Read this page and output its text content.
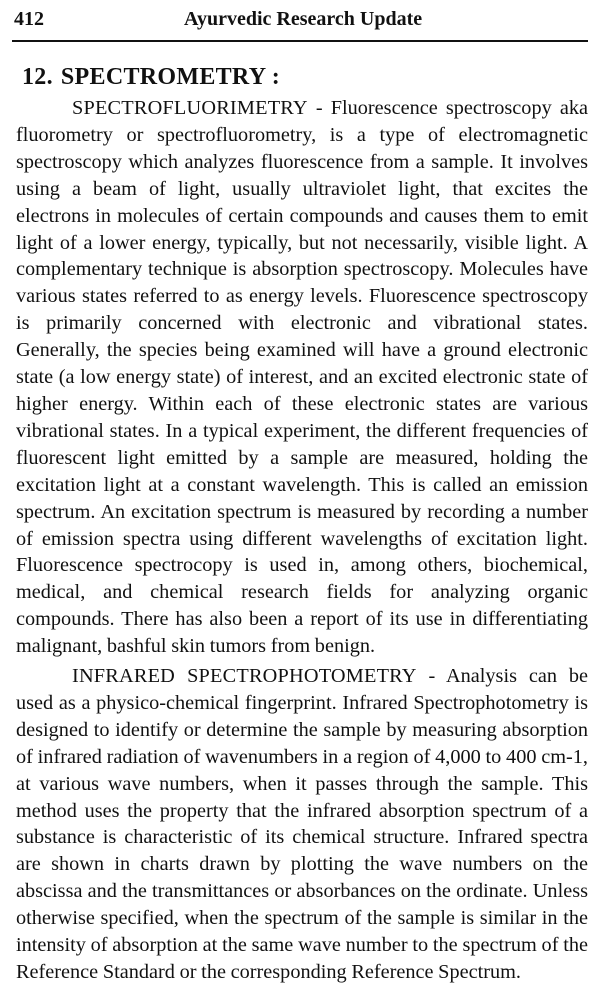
412	Ayurvedic Research Update
12. SPECTROMETRY :

SPECTROFLUORIMETRY - Fluorescence spectroscopy aka fluorometry or spectrofluorometry, is a type of electromagnetic spectroscopy which analyzes fluorescence from a sample. It involves using a beam of light, usually ultraviolet light, that excites the electrons in molecules of certain compounds and causes them to emit light of a lower energy, typically, but not necessarily, visible light. A complementary technique is absorption spectroscopy. Molecules have various states referred to as energy levels. Fluorescence spectroscopy is primarily concerned with electronic and vibrational states. Generally, the species being examined will have a ground electronic state (a low energy state) of interest, and an excited electronic state of higher energy. Within each of these electronic states are various vibrational states. In a typical experiment, the different frequencies of fluorescent light emitted by a sample are measured, holding the excitation light at a constant wavelength. This is called an emission spectrum. An excitation spectrum is measured by recording a number of emission spectra using different wavelengths of excitation light. Fluorescence spectrocopy is used in, among others, biochemical, medical, and chemical research fields for analyzing organic compounds. There has also been a report of its use in differentiating malignant, bashful skin tumors from benign.

INFRARED SPECTROPHOTOMETRY - Analysis can be used as a physico-chemical fingerprint. Infrared Spectrophotometry is designed to identify or determine the sample by measuring absorption of infrared radiation of wavenumbers in a region of 4,000 to 400 cm-1, at various wave numbers, when it passes through the sample. This method uses the property that the infrared absorption spectrum of a substance is characteristic of its chemical structure. Infrared spectra are shown in charts drawn by plotting the wave numbers on the abscissa and the transmittances or absorbances on the ordinate. Unless otherwise specified, when the spectrum of the sample is similar in the intensity of absorption at the same wave number to the spectrum of the Reference Standard or the corresponding Reference Spectrum.
